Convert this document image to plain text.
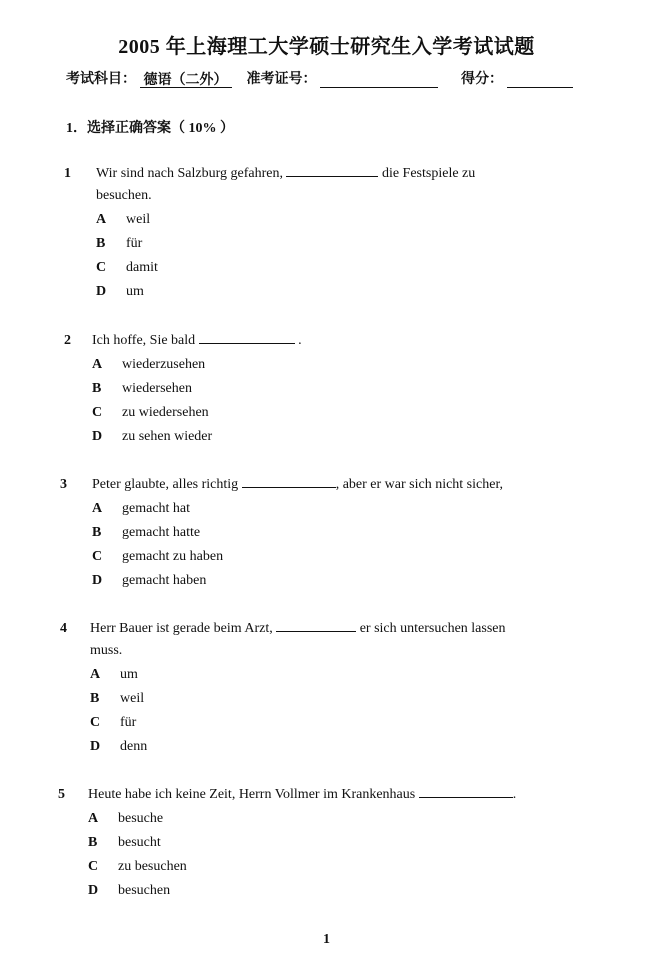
2005 年上海理工大学硕士研究生入学考试试题
考试科目： 德语（二外） 准考证号：	得分：
1．选择正确答案（ 10% ）
1 Wir sind nach Salzburg gefahren,	die Festspiele zu
besuchen.
A weil
B für
C damit
D um
2 Ich hoffe, Sie bald	.
A wiederzusehen
B wiedersehen
C zu wiedersehen
D zu sehen wieder
3 Peter glaubte, alles richtig	, aber er war sich nicht sicher,
A gemacht hat
B gemacht hatte
C gemacht zu haben
D gemacht haben
4 Herr Bauer ist gerade beim Arzt,	er sich untersuchen lassen
muss.
A um
B weil
C für
D denn
5 Heute habe ich keine Zeit, Herrn Vollmer im Krankenhaus	.
A besuche
B besucht
C zu besuchen
D besuchen
1
